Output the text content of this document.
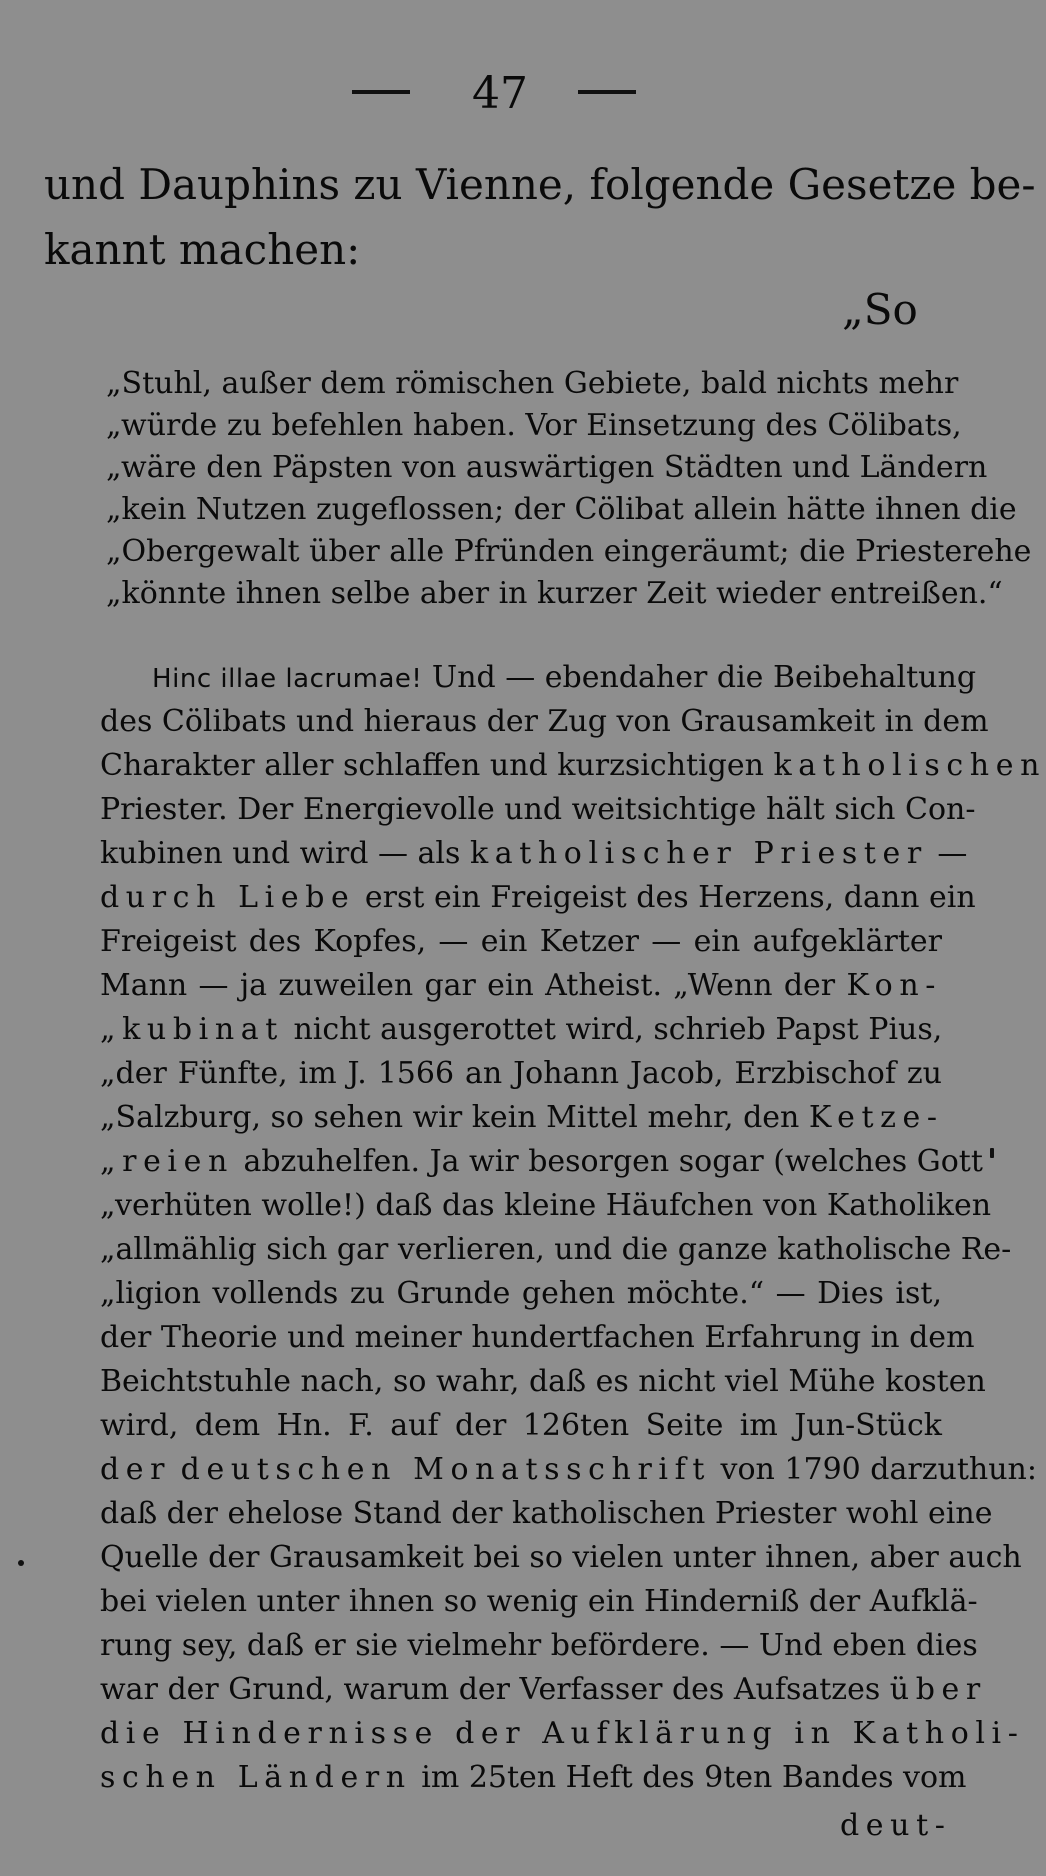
47
und Dauphins zu Vienne, folgende Gesetze be-
kannt machen:
„So
„Stuhl, außer dem römischen Gebiete, bald nichts mehr
„würde zu befehlen haben. Vor Einsetzung des Cölibats,
„wäre den Päpsten von auswärtigen Städten und Ländern
„kein Nutzen zugeflossen; der Cölibat allein hätte ihnen die
„Obergewalt über alle Pfründen eingeräumt; die Priesterehe
„könnte ihnen selbe aber in kurzer Zeit wieder entreißen.“
Hinc illae lacrumae! Und — ebendaher die Beibehaltung
des Cölibats und hieraus der Zug von Grausamkeit in dem
Charakter aller schlaffen und kurzsichtigen katholischen
Priester. Der Energievolle und weitsichtige hält sich Con-
kubinen und wird — als katholischer Priester —
durch Liebe erst ein Freigeist des Herzens, dann ein
Freigeist des Kopfes, — ein Ketzer — ein aufgeklärter
Mann — ja zuweilen gar ein Atheist. „Wenn der Kon-
„kubinat nicht ausgerottet wird, schrieb Papst Pius,
„der Fünfte, im J. 1566 an Johann Jacob, Erzbischof zu
„Salzburg, so sehen wir kein Mittel mehr, den Ketze-
„reien abzuhelfen. Ja wir besorgen sogar (welches Gott
„verhüten wolle!) daß das kleine Häufchen von Katholiken
„allmählig sich gar verlieren, und die ganze katholische Re-
„ligion vollends zu Grunde gehen möchte.“ — Dies ist,
der Theorie und meiner hundertfachen Erfahrung in dem
Beichtstuhle nach, so wahr, daß es nicht viel Mühe kosten
wird, dem Hn. F. auf der 126ten Seite im Jun-Stück
der deutschen Monatsschrift von 1790 darzuthun:
daß der ehelose Stand der katholischen Priester wohl eine
Quelle der Grausamkeit bei so vielen unter ihnen, aber auch
bei vielen unter ihnen so wenig ein Hinderniß der Aufklä-
rung sey, daß er sie vielmehr befördere. — Und eben dies
war der Grund, warum der Verfasser des Aufsatzes über
die Hindernisse der Aufklärung in Katholi-
schen Ländern im 25ten Heft des 9ten Bandes vom
deut-
